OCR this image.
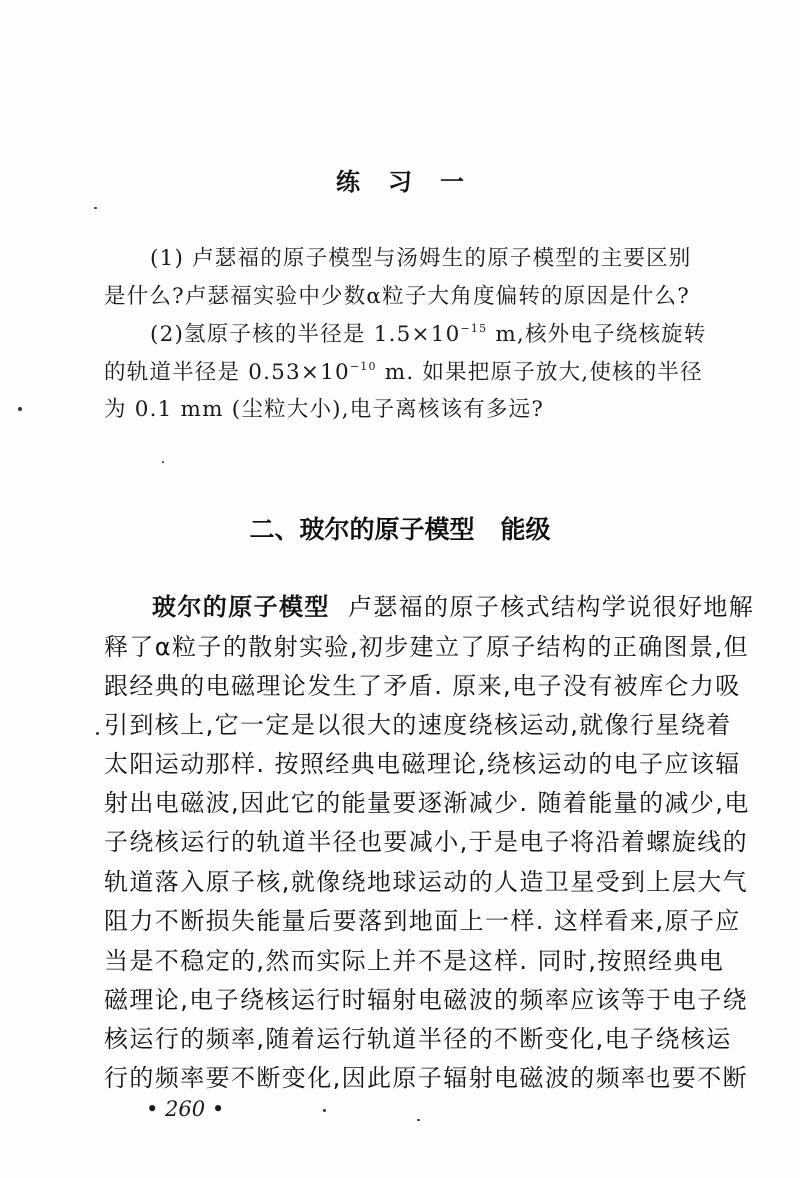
练习一
(1) 卢瑟福的原子模型与汤姆生的原子模型的主要区别
是什么?卢瑟福实验中少数α粒子大角度偏转的原因是什么?
(2)氢原子核的半径是 $1.5\times 10^{-15}$ m,核外电子绕核旋转
的轨道半径是 $0.53\times 10^{-10}$ m. 如果把原子放大,使核的半径
为 0.1 mm (尘粒大小),电子离核该有多远?
二、玻尔的原子模型   能级
玻尔的原子模型 卢瑟福的原子核式结构学说很好地解
释了α粒子的散射实验,初步建立了原子结构的正确图景,但
跟经典的电磁理论发生了矛盾. 原来,电子没有被库仑力吸
引到核上,它一定是以很大的速度绕核运动,就像行星绕着
太阳运动那样. 按照经典电磁理论,绕核运动的电子应该辐
射出电磁波,因此它的能量要逐渐减少. 随着能量的减少,电
子绕核运行的轨道半径也要减小,于是电子将沿着螺旋线的
轨道落入原子核,就像绕地球运动的人造卫星受到上层大气
阻力不断损失能量后要落到地面上一样. 这样看来,原子应
当是不稳定的,然而实际上并不是这样. 同时,按照经典电
磁理论,电子绕核运行时辐射电磁波的频率应该等于电子绕
核运行的频率,随着运行轨道半径的不断变化,电子绕核运
行的频率要不断变化,因此原子辐射电磁波的频率也要不断
• 260 •
